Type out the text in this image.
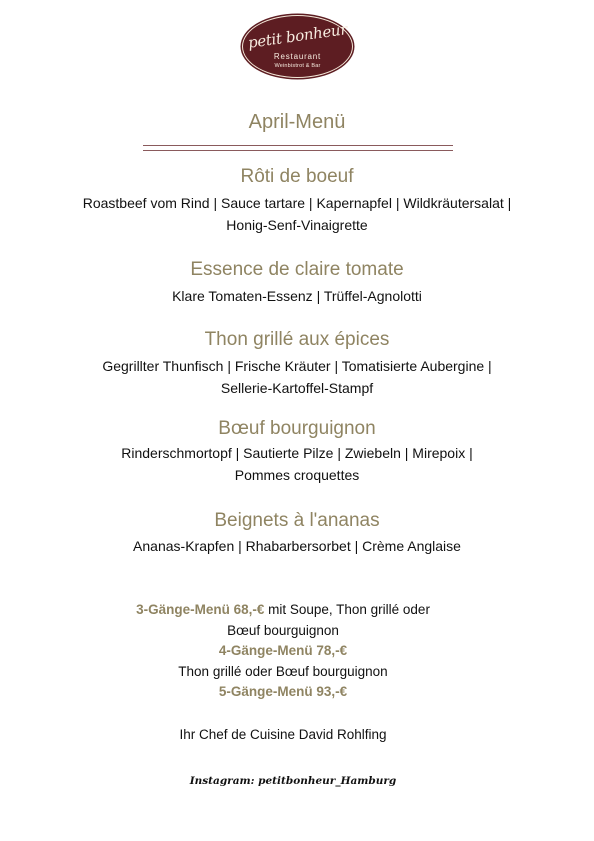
petit bonheur
Restaurant
Weinbistrot & Bar
April-Menü
Rôti de boeuf
Roastbeef vom Rind | Sauce tartare | Kapernapfel | Wildkräutersalat |
Honig-Senf-Vinaigrette
Essence de claire tomate
Klare Tomaten-Essenz | Trüffel-Agnolotti
Thon grillé aux épices
Gegrillter Thunfisch | Frische Kräuter | Tomatisierte Aubergine |
Sellerie-Kartoffel-Stampf
Bœuf bourguignon
Rinderschmortopf | Sautierte Pilze | Zwiebeln | Mirepoix |
Pommes croquettes
Beignets à l'ananas
Ananas-Krapfen | Rhabarbersorbet | Crème Anglaise
3-Gänge-Menü 68,-€ mit Soupe, Thon grillé oder
Bœuf bourguignon
4-Gänge-Menü 78,-€
Thon grillé oder Bœuf bourguignon
5-Gänge-Menü 93,-€
Ihr Chef de Cuisine David Rohlfing
Instagram: petitbonheur_Hamburg
